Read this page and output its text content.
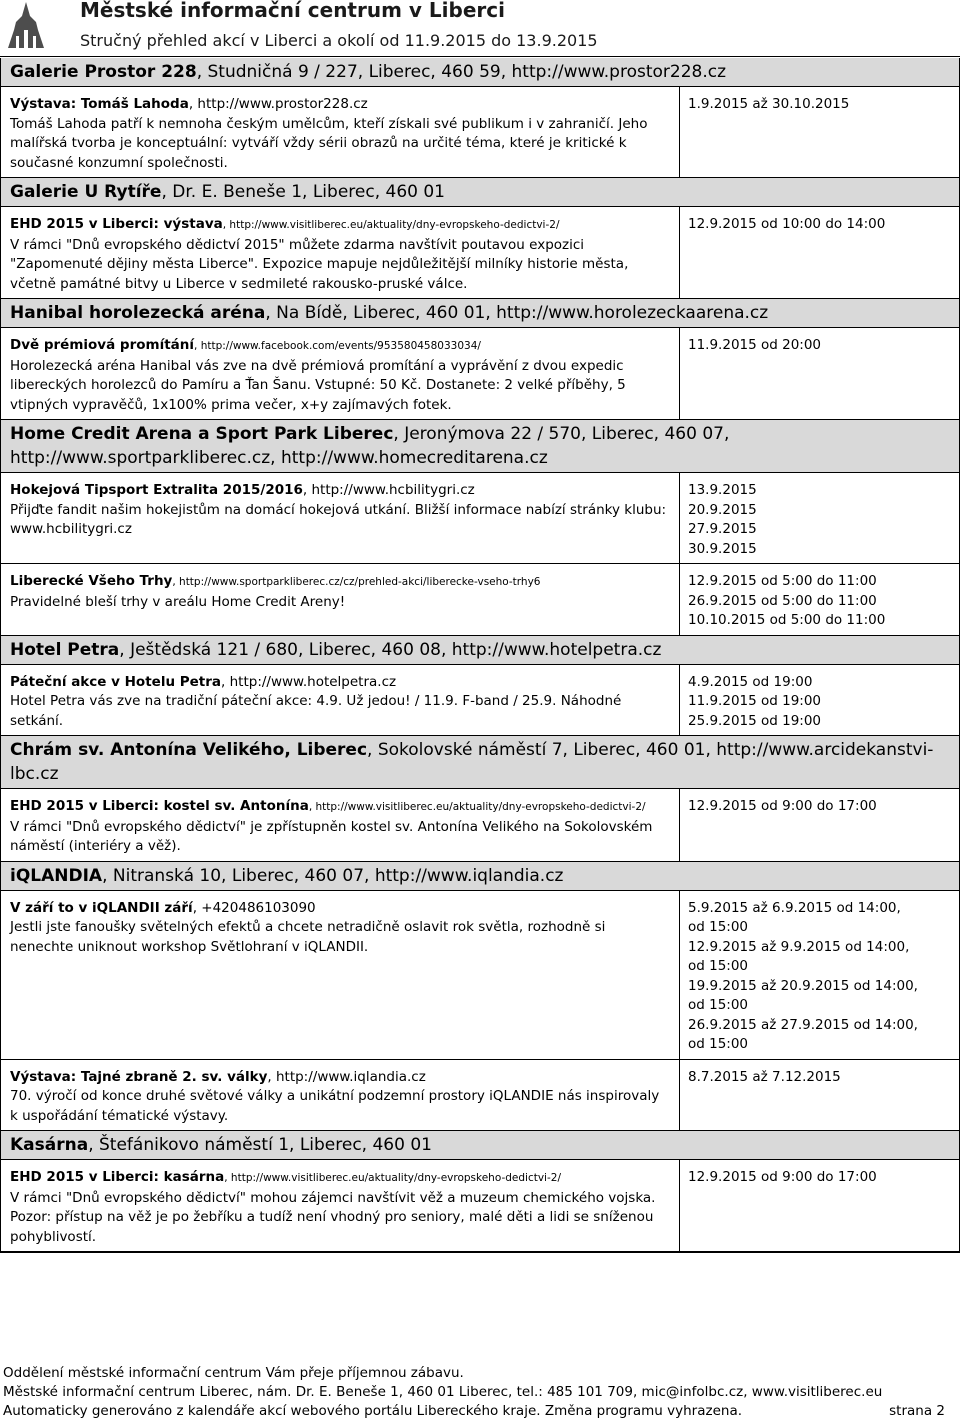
Městské informační centrum v Liberci
Stručný přehled akcí v Liberci a okolí od 11.9.2015 do 13.9.2015
Galerie Prostor 228, Studničná 9 / 227, Liberec, 460 59, http://www.prostor228.cz
Výstava: Tomáš Lahoda, http://www.prostor228.cz
Tomáš Lahoda patří k nemnoha českým umělcům, kteří získali své publikum i v zahraničí. Jeho malířská tvorba je konceptuální: vytváří vždy sérii obrazů na určité téma, které je kritické k současné konzumní společnosti.
1.9.2015 až 30.10.2015
Galerie U Rytíře, Dr. E. Beneše 1, Liberec, 460 01
EHD 2015 v Liberci: výstava, http://www.visitliberec.eu/aktuality/dny-evropskeho-dedictvi-2/
V rámci "Dnů evropského dědictví 2015" můžete zdarma navštívit poutavou expozici "Zapomenuté dějiny města Liberce". Expozice mapuje nejdůležitější milníky historie města, včetně památné bitvy u Liberce v sedmileté rakousko-pruské válce.
12.9.2015 od 10:00 do 14:00
Hanibal horolezecká aréna, Na Bídě, Liberec, 460 01, http://www.horolezeckaarena.cz
Dvě prémiová promítání, http://www.facebook.com/events/953580458033034/
Horolezecká aréna Hanibal vás zve na dvě prémiová promítání a vyprávění z dvou expedic libereckých horolezců do Pamíru a Ťan Šanu. Vstupné: 50 Kč. Dostanete: 2 velké příběhy, 5 vtipných vypravěčů, 1x100% prima večer, x+y zajímavých fotek.
11.9.2015 od 20:00
Home Credit Arena a Sport Park Liberec, Jeronýmova 22 / 570, Liberec, 460 07, http://www.sportparkliberec.cz, http://www.homecreditarena.cz
Hokejová Tipsport Extralita 2015/2016, http://www.hcbilitygri.cz
Přijďte fandit našim hokejistům na domácí hokejová utkání. Bližší informace nabízí stránky klubu: www.hcbilitygri.cz
13.9.2015
20.9.2015
27.9.2015
30.9.2015
Liberecké Všeho Trhy, http://www.sportparkliberec.cz/cz/prehled-akci/liberecke-vseho-trhy6
Pravidelné bleší trhy v areálu Home Credit Areny!
12.9.2015 od 5:00 do 11:00
26.9.2015 od 5:00 do 11:00
10.10.2015 od 5:00 do 11:00
Hotel Petra, Ještědská 121 / 680, Liberec, 460 08, http://www.hotelpetra.cz
Páteční akce v Hotelu Petra, http://www.hotelpetra.cz
Hotel Petra vás zve na tradiční páteční akce: 4.9. Už jedou! / 11.9. F-band / 25.9. Náhodné setkání.
4.9.2015 od 19:00
11.9.2015 od 19:00
25.9.2015 od 19:00
Chrám sv. Antonína Velikého, Liberec, Sokolovské náměstí 7, Liberec, 460 01, http://www.arcidekanstvi-lbc.cz
EHD 2015 v Liberci: kostel sv. Antonína, http://www.visitliberec.eu/aktuality/dny-evropskeho-dedictvi-2/
V rámci "Dnů evropského dědictví" je zpřístupněn kostel sv. Antonína Velikého na Sokolovském náměstí (interiéry a věž).
12.9.2015 od 9:00 do 17:00
iQLANDIA, Nitranská 10, Liberec, 460 07, http://www.iqlandia.cz
V září to v iQLANDII září, +420486103090
Jestli jste fanoušky světelných efektů a chcete netradičně oslavit rok světla, rozhodně si nenechte uniknout workshop Světlohraní v iQLANDII.
5.9.2015 až 6.9.2015 od 14:00,
od 15:00
12.9.2015 až 9.9.2015 od 14:00,
od 15:00
19.9.2015 až 20.9.2015 od 14:00,
od 15:00
26.9.2015 až 27.9.2015 od 14:00,
od 15:00
Výstava: Tajné zbraně 2. sv. války, http://www.iqlandia.cz
70. výročí od konce druhé světové války a unikátní podzemní prostory iQLANDIE nás inspirovaly k uspořádání tématické výstavy.
8.7.2015 až 7.12.2015
Kasárna, Štefánikovo náměstí 1, Liberec, 460 01
EHD 2015 v Liberci: kasárna, http://www.visitliberec.eu/aktuality/dny-evropskeho-dedictvi-2/
V rámci "Dnů evropského dědictví" mohou zájemci navštívit věž a muzeum chemického vojska. Pozor: přístup na věž je po žebříku a tudíž není vhodný pro seniory, malé děti a lidi se sníženou pohyblivostí.
12.9.2015 od 9:00 do 17:00
Oddělení městské informační centrum Vám přeje příjemnou zábavu.
Městské informační centrum Liberec, nám. Dr. E. Beneše 1, 460 01 Liberec, tel.: 485 101 709, mic@infolbc.cz, www.visitliberec.eu
Automaticky generováno z kalendáře akcí webového portálu Libereckého kraje. Změna programu vyhrazena.	strana 2
